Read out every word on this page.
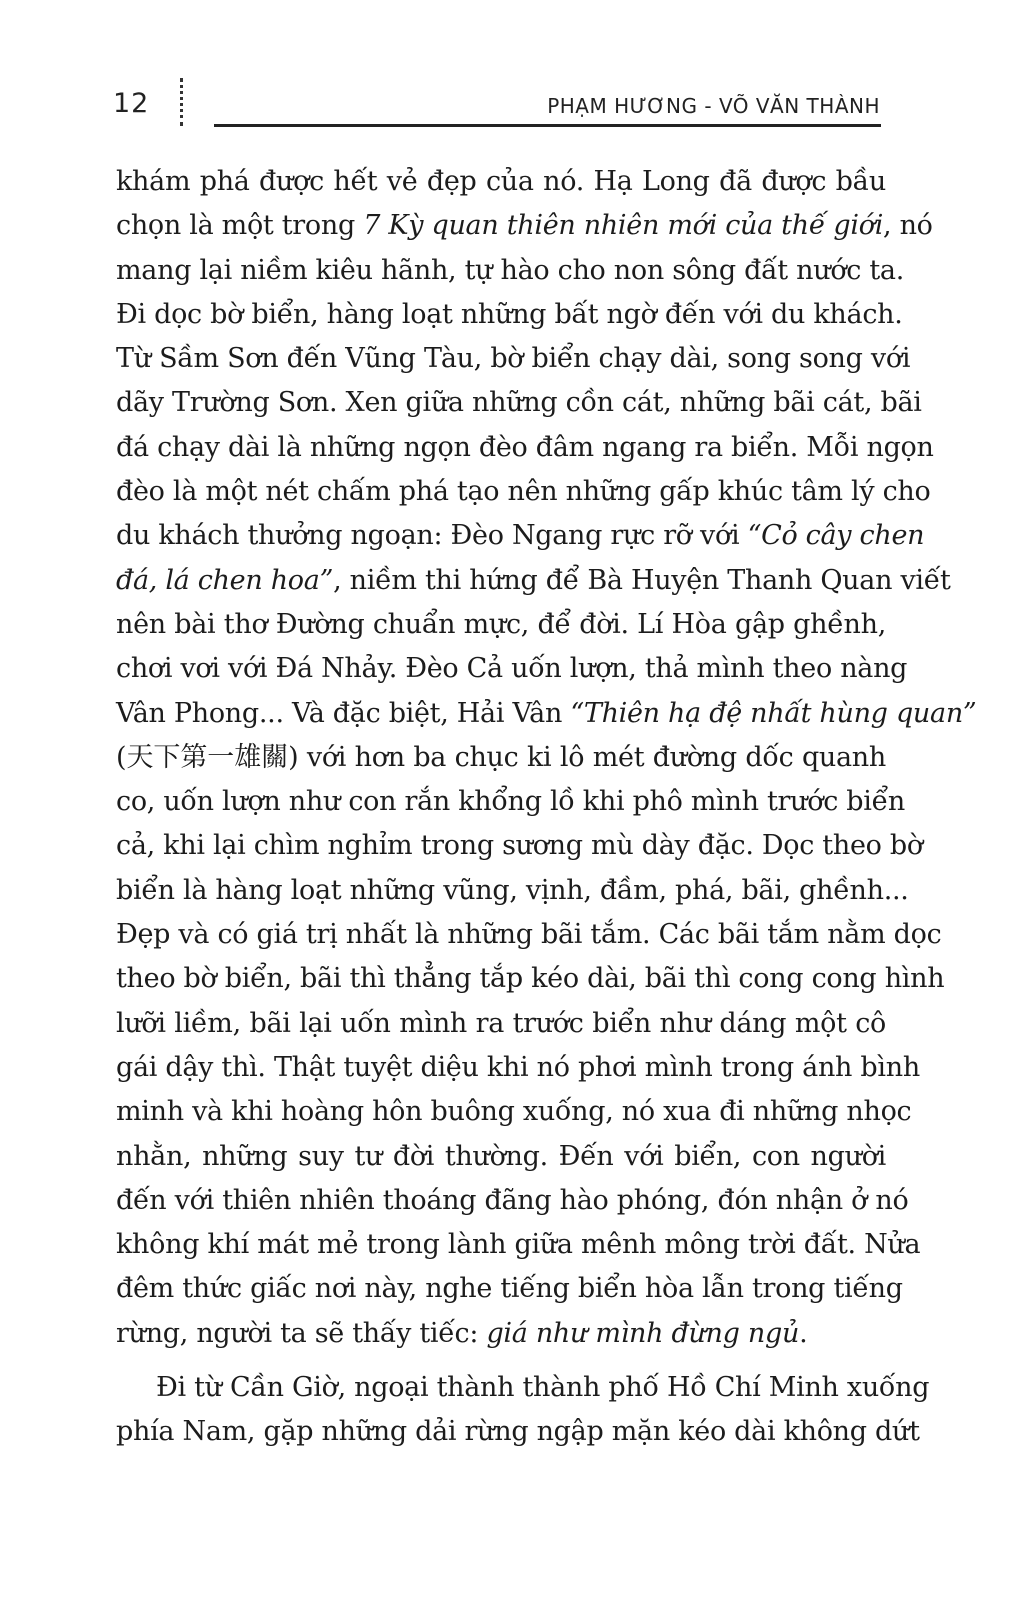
12	PHẠM HƯƠNG - VÕ VĂN THÀNH
khám phá được hết vẻ đẹp của nó. Hạ Long đã được bầu
chọn là một trong 7 Kỳ quan thiên nhiên mới của thế giới, nó
mang lại niềm kiêu hãnh, tự hào cho non sông đất nước ta.
Đi dọc bờ biển, hàng loạt những bất ngờ đến với du khách.
Từ Sầm Sơn đến Vũng Tàu, bờ biển chạy dài, song song với
dãy Trường Sơn. Xen giữa những cồn cát, những bãi cát, bãi
đá chạy dài là những ngọn đèo đâm ngang ra biển. Mỗi ngọn
đèo là một nét chấm phá tạo nên những gấp khúc tâm lý cho
du khách thưởng ngoạn: Đèo Ngang rực rỡ với “Cỏ cây chen
đá, lá chen hoa”, niềm thi hứng để Bà Huyện Thanh Quan viết
nên bài thơ Đường chuẩn mực, để đời. Lí Hòa gập ghềnh,
chơi vơi với Đá Nhảy. Đèo Cả uốn lượn, thả mình theo nàng
Vân Phong... Và đặc biệt, Hải Vân “Thiên hạ đệ nhất hùng quan”
(天下第一雄關) với hơn ba chục ki lô mét đường dốc quanh
co, uốn lượn như con rắn khổng lồ khi phô mình trước biển
cả, khi lại chìm nghỉm trong sương mù dày đặc. Dọc theo bờ
biển là hàng loạt những vũng, vịnh, đầm, phá, bãi, ghềnh...
Đẹp và có giá trị nhất là những bãi tắm. Các bãi tắm nằm dọc
theo bờ biển, bãi thì thẳng tắp kéo dài, bãi thì cong cong hình
lưỡi liềm, bãi lại uốn mình ra trước biển như dáng một cô
gái dậy thì. Thật tuyệt diệu khi nó phơi mình trong ánh bình
minh và khi hoàng hôn buông xuống, nó xua đi những nhọc
nhằn, những suy tư đời thường. Đến với biển, con người
đến với thiên nhiên thoáng đãng hào phóng, đón nhận ở nó
không khí mát mẻ trong lành giữa mênh mông trời đất. Nửa
đêm thức giấc nơi này, nghe tiếng biển hòa lẫn trong tiếng
rừng, người ta sẽ thấy tiếc: giá như mình đừng ngủ.
Đi từ Cần Giờ, ngoại thành thành phố Hồ Chí Minh xuống
phía Nam, gặp những dải rừng ngập mặn kéo dài không dứt
